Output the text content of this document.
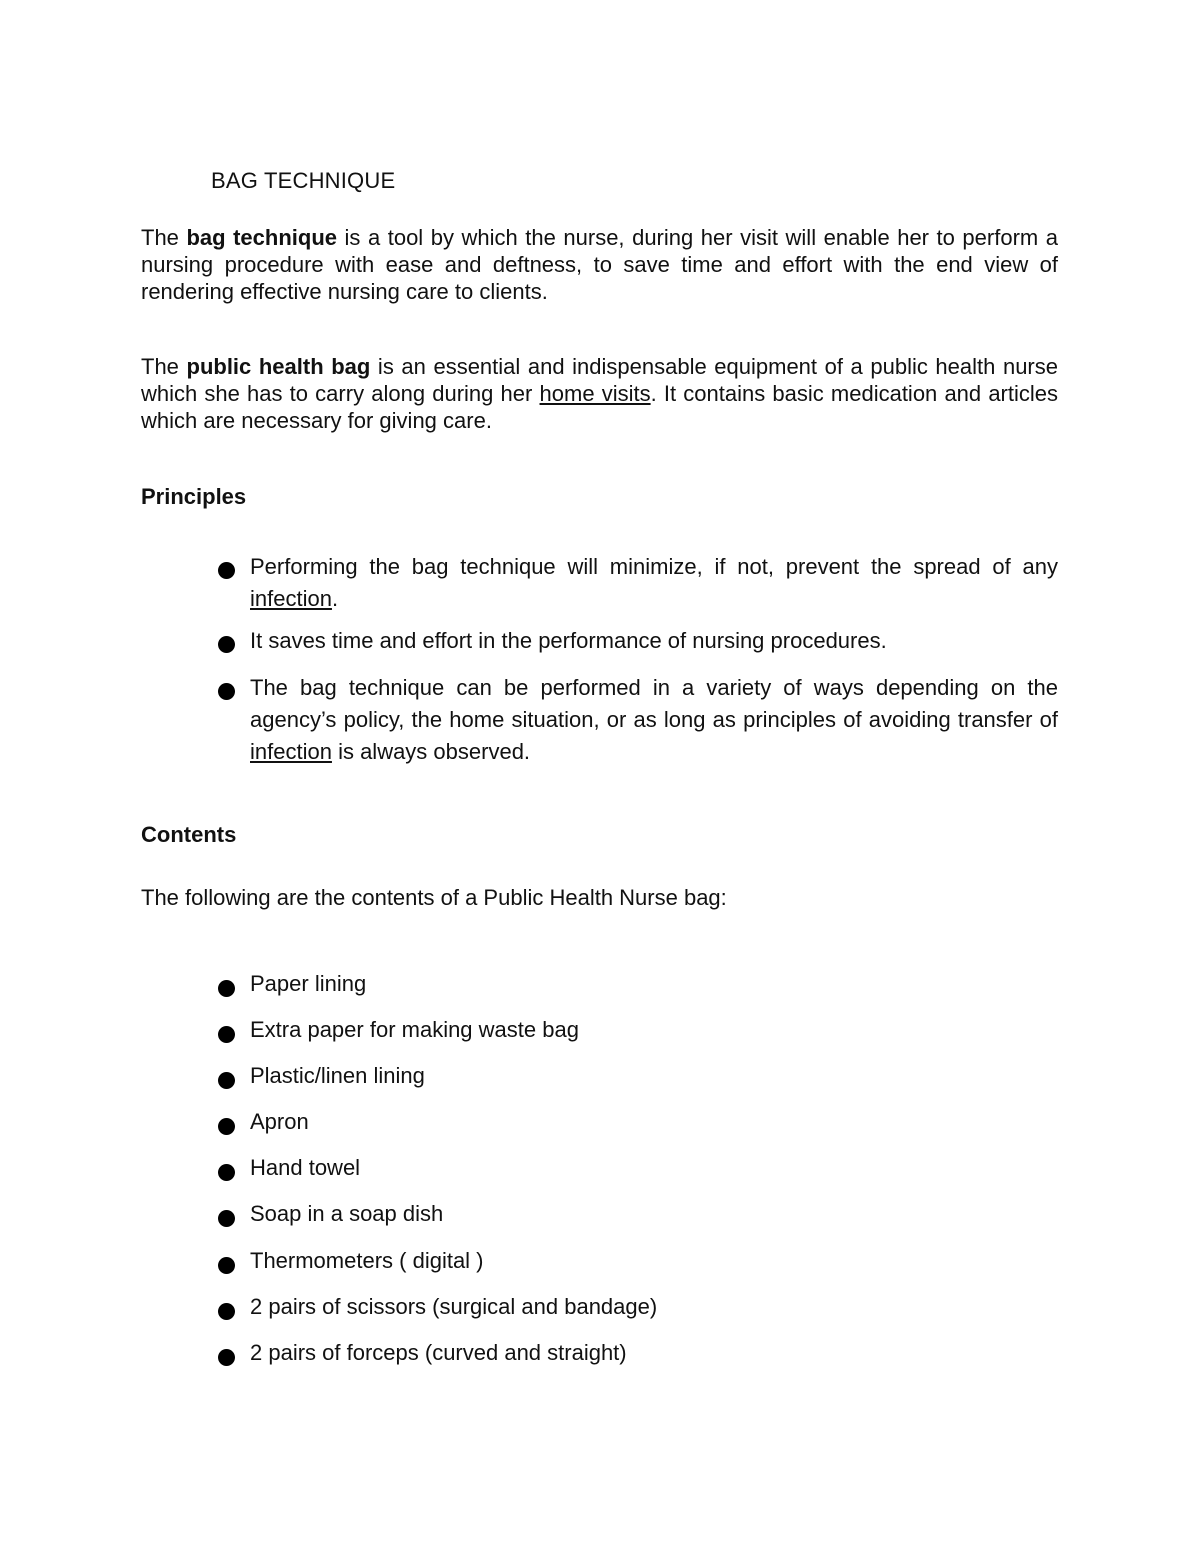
BAG TECHNIQUE
The bag technique is a tool by which the nurse, during her visit will enable her to perform a nursing procedure with ease and deftness, to save time and effort with the end view of rendering effective nursing care to clients.
The public health bag is an essential and indispensable equipment of a public health nurse which she has to carry along during her home visits. It contains basic medication and articles which are necessary for giving care.
Principles
Performing the bag technique will minimize, if not, prevent the spread of any infection.
It saves time and effort in the performance of nursing procedures.
The bag technique can be performed in a variety of ways depending on the agency’s policy, the home situation, or as long as principles of avoiding transfer of infection is always observed.
Contents
The following are the contents of a Public Health Nurse bag:
Paper lining
Extra paper for making waste bag
Plastic/linen lining
Apron
Hand towel
Soap in a soap dish
Thermometers ( digital )
2 pairs of scissors (surgical and bandage)
2 pairs of forceps (curved and straight)
